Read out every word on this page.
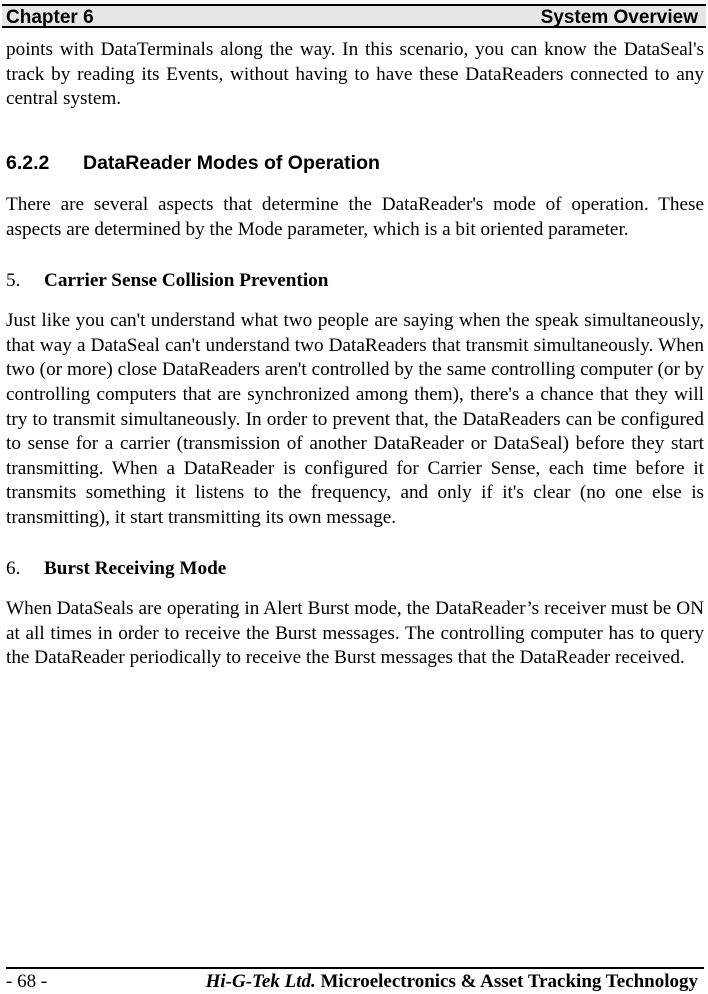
Chapter 6	System Overview

points with DataTerminals along the way. In this scenario, you can know the DataSeal's track by reading its Events, without having to have these DataReaders connected to any central system.

6.2.2	DataReader Modes of Operation

There are several aspects that determine the DataReader's mode of operation. These aspects are determined by the Mode parameter, which is a bit oriented parameter.

5.	Carrier Sense Collision Prevention

Just like you can't understand what two people are saying when the speak simultaneously, that way a DataSeal can't understand two DataReaders that transmit simultaneously. When two (or more) close DataReaders aren't controlled by the same controlling computer (or by controlling computers that are synchronized among them), there's a chance that they will try to transmit simultaneously. In order to prevent that, the DataReaders can be configured to sense for a carrier (transmission of another DataReader or DataSeal) before they start transmitting. When a DataReader is configured for Carrier Sense, each time before it transmits something it listens to the frequency, and only if it's clear (no one else is transmitting), it start transmitting its own message.

6.	Burst Receiving Mode

When DataSeals are operating in Alert Burst mode, the DataReader’s receiver must be ON at all times in order to receive the Burst messages. The controlling computer has to query the DataReader periodically to receive the Burst messages that the DataReader received.

- 68 -	Hi-G-Tek Ltd. Microelectronics & Asset Tracking Technology
